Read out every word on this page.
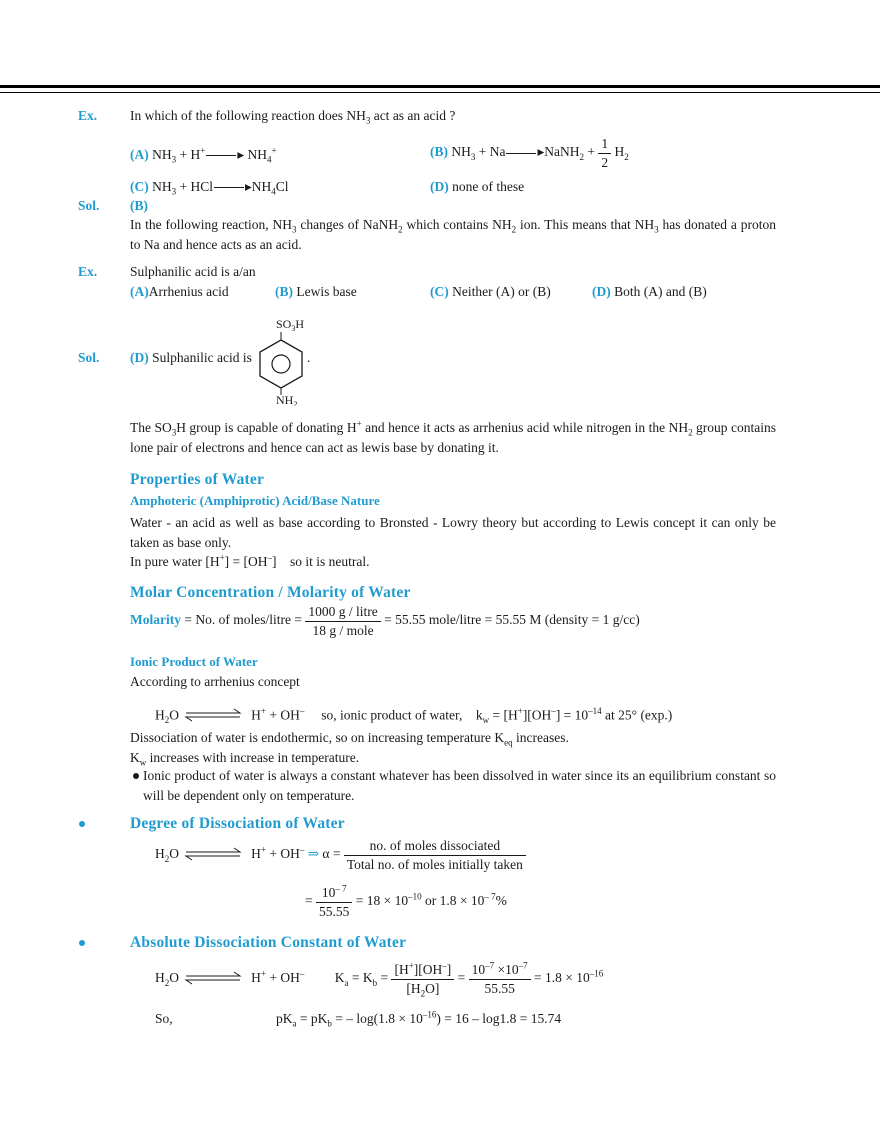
Ex. In which of the following reaction does $NH_3$ act as an acid ?
(A) $NH_3 + H^+$ ▸ $NH_4^+$	(B) $NH_3 + Na$ ▸NaNH$_2$ + $\frac{1}{2} H_2$
(C) $NH_3$ + HCl $▸NH_4Cl$	(D) none of these
Sol. (B)
In the following reaction, $NH_3$ changes of NaNH$_2$ which contains $NH_2$ ion. This means that $NH_3$ has donated a proton to Na and hence acts as an acid.
Ex. Sulphanilic acid is a/an
(A)Arrhenius acid	(B) Lewis base	(C) Neither (A) or (B)	(D) Both (A) and (B)
Sol. (D) Sulphanilic acid is	.
$SO_3H$
$NH_2$
The $SO_3H$ group is capable of donating H+ and hence it acts as arrhenius acid while nitrogen in the $NH_2$ group contains lone pair of electrons and hence can act as lewis base by donating it.
Properties of Water
Amphoteric (Amphiprotic) Acid/Base Nature
Water - an acid as well as base according to Bronsted - Lowry theory but according to Lewis concept it can only be taken as base only.
In pure water [H+] = [OH–]    so it is neutral.
Molar Concentration / Molarity of Water
Molarity = No. of moles/litre = $\frac{\text{1000 g / litre}}{\text{18 g / mole}} = 55.55$ mole/litre = 55.55 M (density = 1 g/cc)
Ionic Product of Water
According to arrhenius concept
$H_2O$	H+ + OH– so, ionic product of water,    $k_w = [H^+][OH^-] = 10^{-14}$ at 25° (exp.)
Dissociation of water is endothermic, so on increasing temperature $K_{eq}$ increases.
$K_w$ increases with increase in temperature.
Ionic product of water is always a constant whatever has been dissolved in water since its an equilibrium constant so will be dependent only on temperature.
Degree of Dissociation of Water
$H_2O$	H+ + OH– ⇒ $\alpha = \frac{\text{no. of moles dissociated}}{\text{Total no. of moles initially taken}}$
= $\frac{10^{- 7}}{55.55} = 18 \times 10^{-10}$ or $1.8 \times 10^{- 7}\%$
Absolute Dissociation Constant of Water
$H_2O$	H+ + OH–         $K_a = K_b = \frac{[H^+][OH^-]}{[H_2O]} = \frac{10^{-7} \times 10^{-7}}{55.55} = 1.8 \times 10^{-16}$
So,	$pK_a = pK_b$ = – $\log(1.8 \times 10^{-16}) = 16 - \log 1.8 = 15.74$
